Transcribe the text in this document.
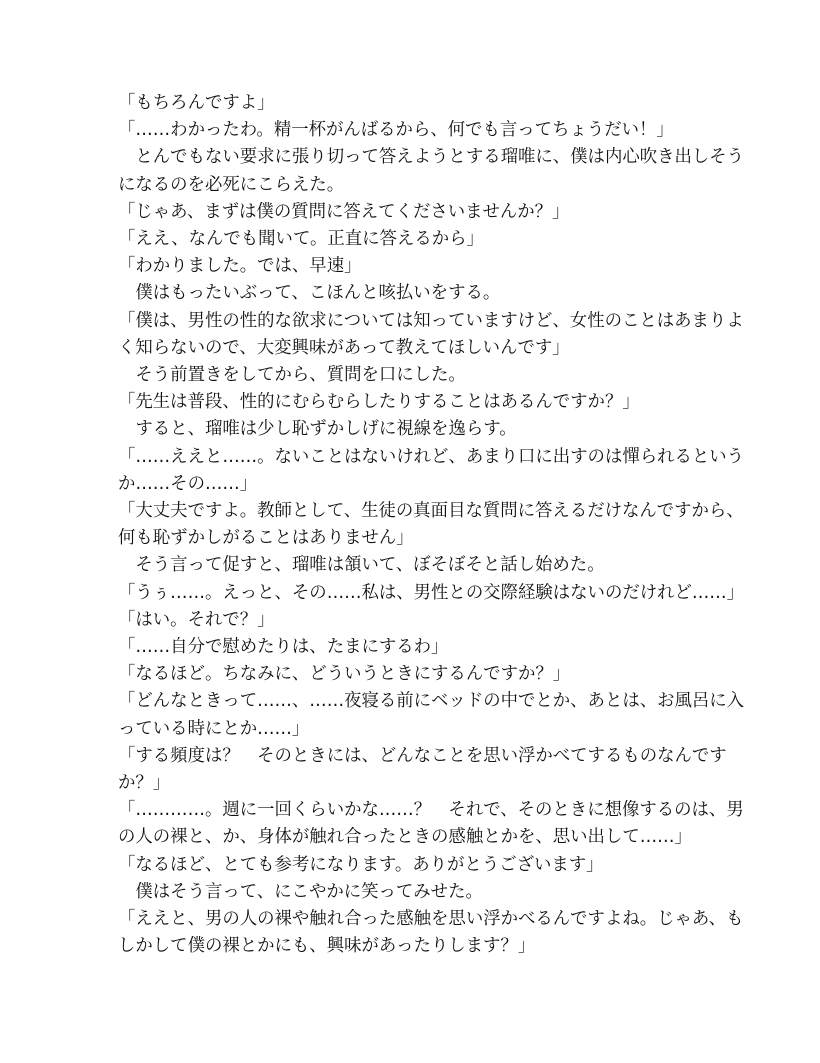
「もちろんですよ」
「……わかったわ。精一杯がんばるから、何でも言ってちょうだい！」
　とんでもない要求に張り切って答えようとする瑠唯に、僕は内心吹き出しそう
になるのを必死にこらえた。
「じゃあ、まずは僕の質問に答えてくださいませんか？」
「ええ、なんでも聞いて。正直に答えるから」
「わかりました。では、早速」
　僕はもったいぶって、こほんと咳払いをする。
「僕は、男性の性的な欲求については知っていますけど、女性のことはあまりよ
く知らないので、大変興味があって教えてほしいんです」
　そう前置きをしてから、質問を口にした。
「先生は普段、性的にむらむらしたりすることはあるんですか？」
　すると、瑠唯は少し恥ずかしげに視線を逸らす。
「……ええと……。ないことはないけれど、あまり口に出すのは憚られるという
か……その……」
「大丈夫ですよ。教師として、生徒の真面目な質問に答えるだけなんですから、
何も恥ずかしがることはありません」
　そう言って促すと、瑠唯は頷いて、ぼそぼそと話し始めた。
「うぅ……。えっと、その……私は、男性との交際経験はないのだけれど……」
「はい。それで？」
「……自分で慰めたりは、たまにするわ」
「なるほど。ちなみに、どういうときにするんですか？」
「どんなときって……、……夜寝る前にベッドの中でとか、あとは、お風呂に入
っている時にとか……」
「する頻度は？　そのときには、どんなことを思い浮かべてするものなんです
か？」
「…………。週に一回くらいかな……？　それで、そのときに想像するのは、男
の人の裸と、か、身体が触れ合ったときの感触とかを、思い出して……」
「なるほど、とても参考になります。ありがとうございます」
　僕はそう言って、にこやかに笑ってみせた。
「ええと、男の人の裸や触れ合った感触を思い浮かべるんですよね。じゃあ、も
しかして僕の裸とかにも、興味があったりします？」
